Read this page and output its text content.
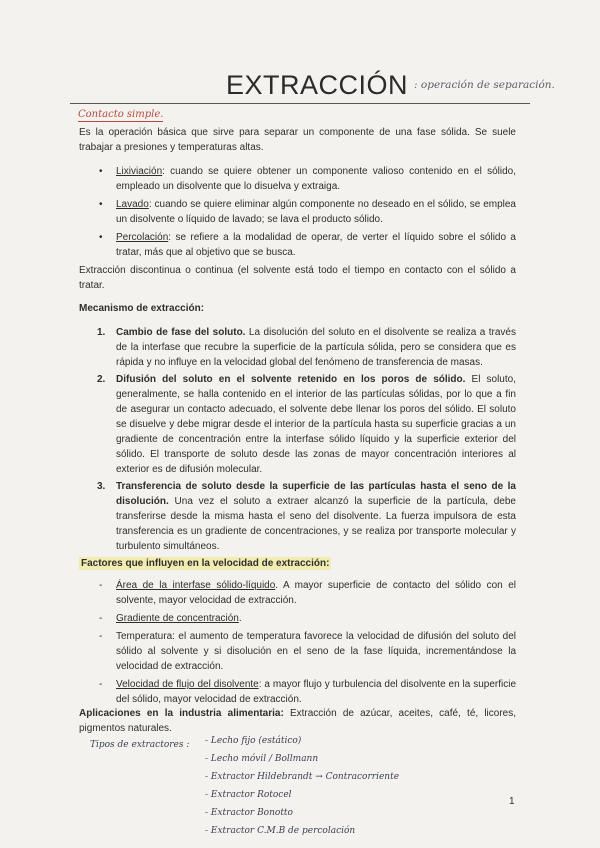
EXTRACCIÓN $^{: operación de separación.}$
Contacto simple.

Es la operación básica que sirve para separar un componente de una fase sólida. Se suele trabajar a presiones y temperaturas altas.

• Lixiviación: cuando se quiere obtener un componente valioso contenido en el sólido, empleado un disolvente que lo disuelva y extraiga.
• Lavado: cuando se quiere eliminar algún componente no deseado en el sólido, se emplea un disolvente o líquido de lavado; se lava el producto sólido.
• Percolación: se refiere a la modalidad de operar, de verter el líquido sobre el sólido a tratar, más que al objetivo que se busca.

Extracción discontinua o continua (el solvente está todo el tiempo en contacto con el sólido a tratar.

Mecanismo de extracción:

1. Cambio de fase del soluto. La disolución del soluto en el disolvente se realiza a través de la interfase que recubre la superficie de la partícula sólida, pero se considera que es rápida y no influye en la velocidad global del fenómeno de transferencia de masas.
2. Difusión del soluto en el solvente retenido en los poros de sólido. El soluto, generalmente, se halla contenido en el interior de las partículas sólidas, por lo que a fin de asegurar un contacto adecuado, el solvente debe llenar los poros del sólido. El soluto se disuelve y debe migrar desde el interior de la partícula hasta su superficie gracias a un gradiente de concentración entre la interfase sólido líquido y la superficie exterior del sólido. El transporte de soluto desde las zonas de mayor concentración interiores al exterior es de difusión molecular.
3. Transferencia de soluto desde la superficie de las partículas hasta el seno de la disolución. Una vez el soluto a extraer alcanzó la superficie de la partícula, debe transferirse desde la misma hasta el seno del disolvente. La fuerza impulsora de esta transferencia es un gradiente de concentraciones, y se realiza por transporte molecular y turbulento simultáneos.

Factores que influyen en la velocidad de extracción:

- Área de la interfase sólido-líquido. A mayor superficie de contacto del sólido con el solvente, mayor velocidad de extracción.
- Gradiente de concentración.
- Temperatura: el aumento de temperatura favorece la velocidad de difusión del soluto del sólido al solvente y si disolución en el seno de la fase líquida, incrementándose la velocidad de extracción.
- Velocidad de flujo del disolvente: a mayor flujo y turbulencia del disolvente en la superficie del sólido, mayor velocidad de extracción.

Aplicaciones en la industria alimentaria: Extracción de azúcar, aceites, café, té, licores, pigmentos naturales.

Tipos de extractores : - Lecho fijo (estático)
- Lecho móvil / Bollmann
- Extractor Hildebrandt → Contracorriente
- Extractor Rotocel
- Extractor Bonotto
- Extractor C.M.B de percolación
1
